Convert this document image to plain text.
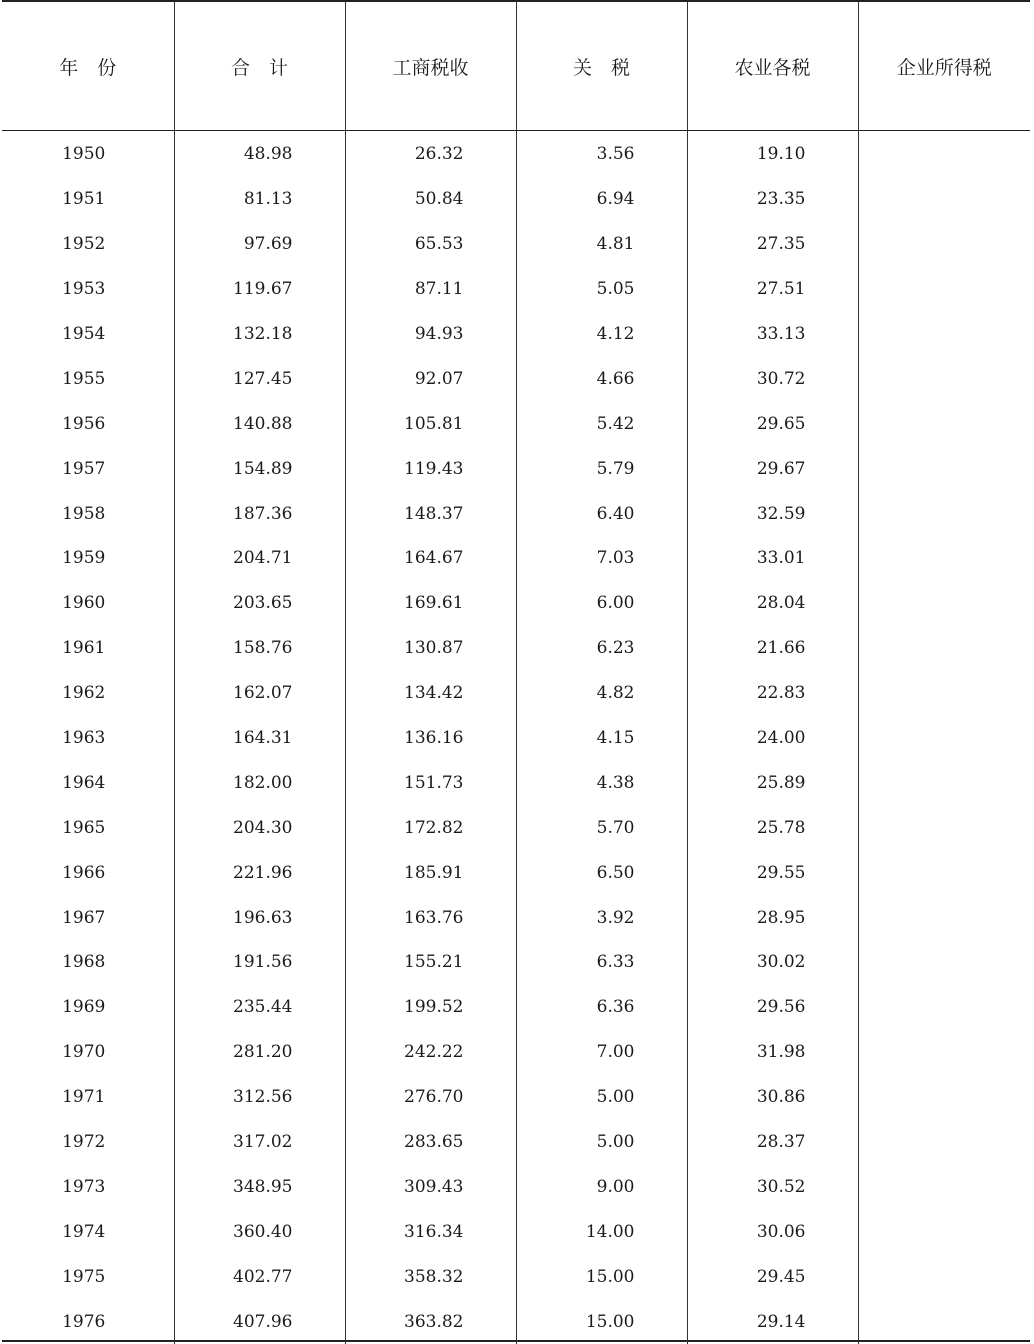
年　份	合　计	工商税收	关　税	农业各税	企业所得税
1950	48.98	26.32	3.56	19.10	
1951	81.13	50.84	6.94	23.35	
1952	97.69	65.53	4.81	27.35	
1953	119.67	87.11	5.05	27.51	
1954	132.18	94.93	4.12	33.13	
1955	127.45	92.07	4.66	30.72	
1956	140.88	105.81	5.42	29.65	
1957	154.89	119.43	5.79	29.67	
1958	187.36	148.37	6.40	32.59	
1959	204.71	164.67	7.03	33.01	
1960	203.65	169.61	6.00	28.04	
1961	158.76	130.87	6.23	21.66	
1962	162.07	134.42	4.82	22.83	
1963	164.31	136.16	4.15	24.00	
1964	182.00	151.73	4.38	25.89	
1965	204.30	172.82	5.70	25.78	
1966	221.96	185.91	6.50	29.55	
1967	196.63	163.76	3.92	28.95	
1968	191.56	155.21	6.33	30.02	
1969	235.44	199.52	6.36	29.56	
1970	281.20	242.22	7.00	31.98	
1971	312.56	276.70	5.00	30.86	
1972	317.02	283.65	5.00	28.37	
1973	348.95	309.43	9.00	30.52	
1974	360.40	316.34	14.00	30.06	
1975	402.77	358.32	15.00	29.45	
1976	407.96	363.82	15.00	29.14	
